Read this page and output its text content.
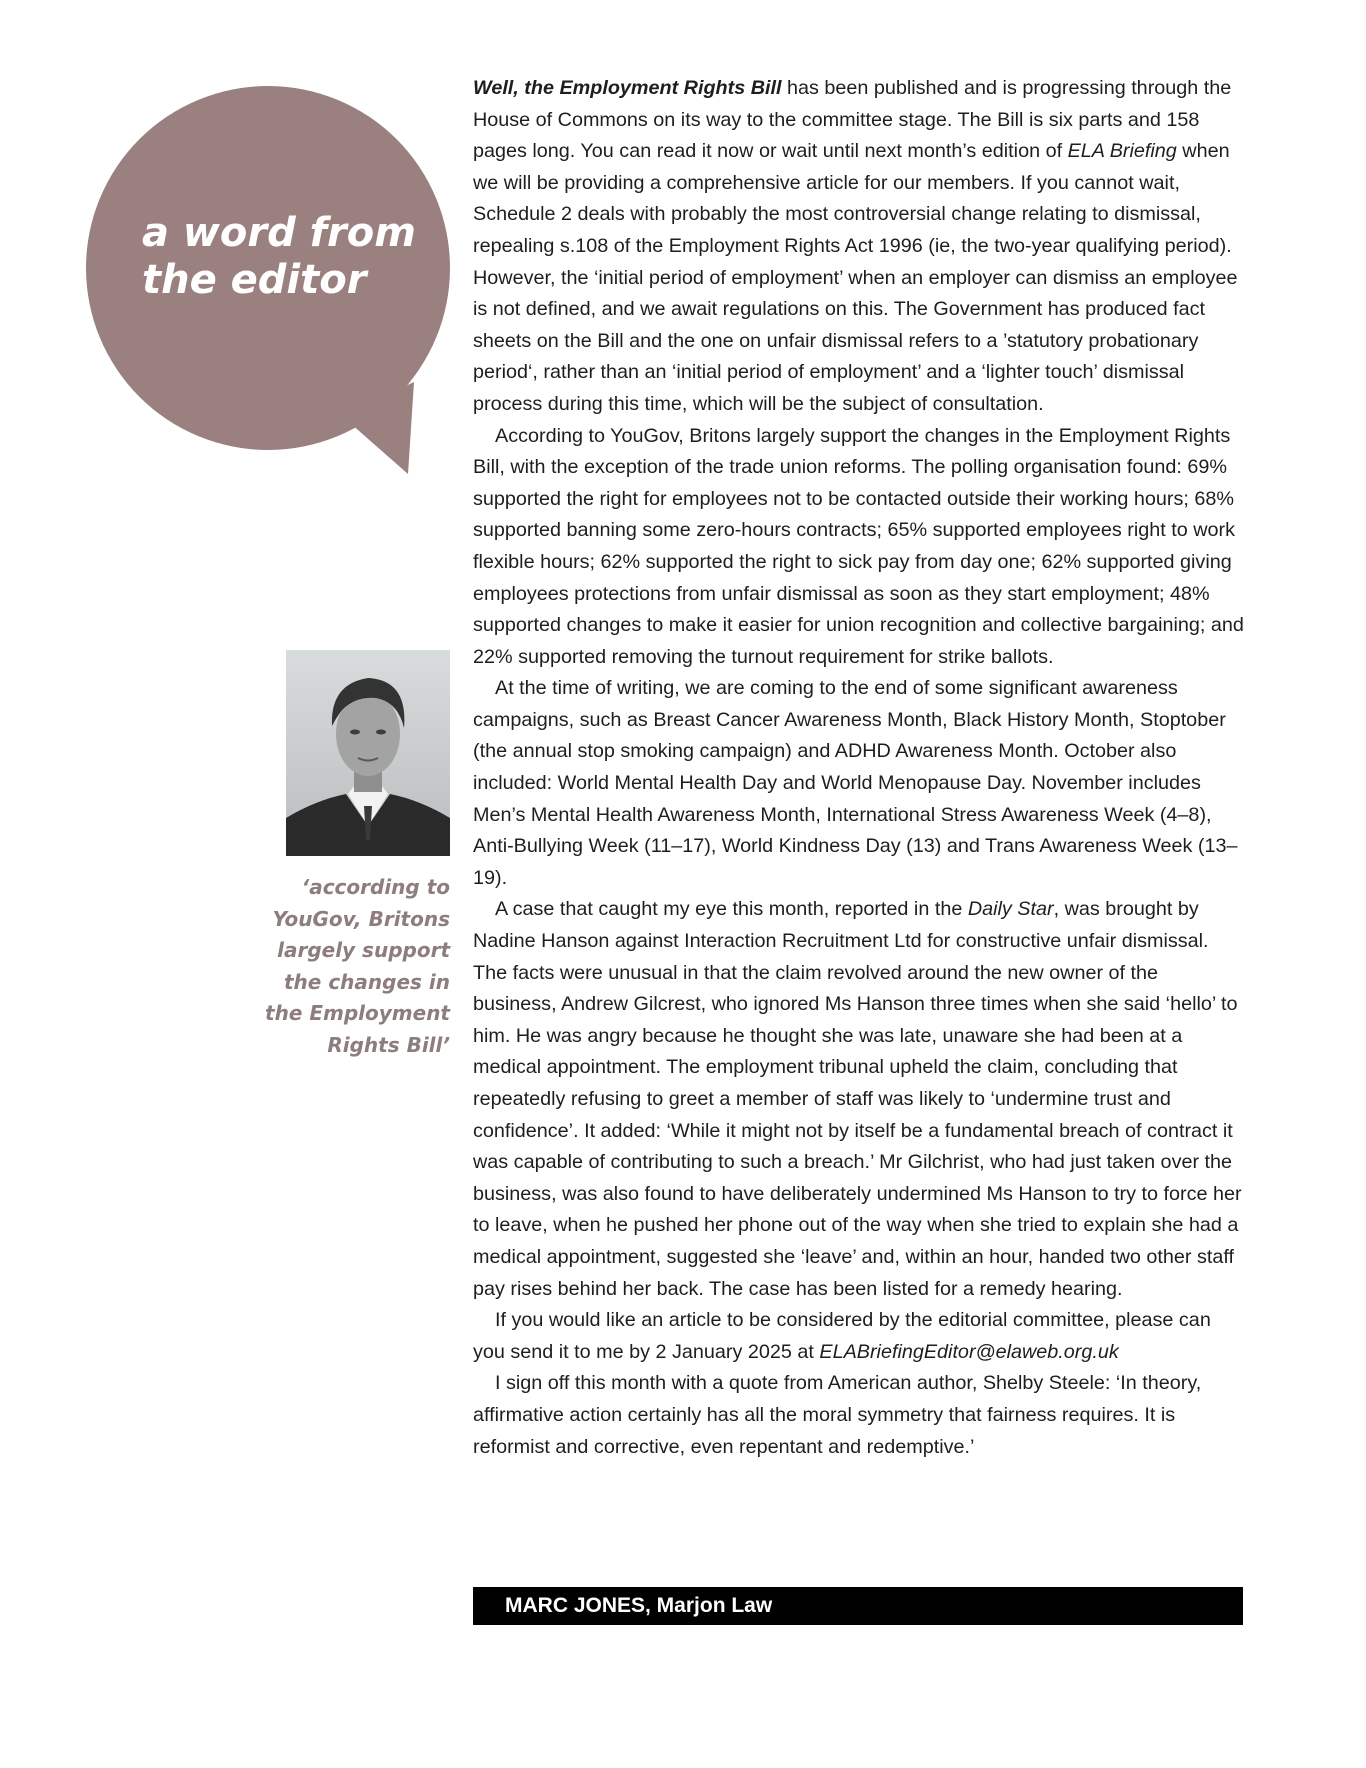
a word from
the editor
‘according to YouGov, Britons largely support the changes in the Employment Rights Bill’

Well, the Employment Rights Bill has been published and is progressing through the House of Commons on its way to the committee stage. The Bill is six parts and 158 pages long. You can read it now or wait until next month’s edition of ELA Briefing when we will be providing a comprehensive article for our members. If you cannot wait, Schedule 2 deals with probably the most controversial change relating to dismissal, repealing s.108 of the Employment Rights Act 1996 (ie, the two-year qualifying period). However, the ‘initial period of employment’ when an employer can dismiss an employee is not defined, and we await regulations on this. The Government has produced fact sheets on the Bill and the one on unfair dismissal refers to a ’statutory probationary period‘, rather than an ‘initial period of employment’ and a ‘lighter touch’ dismissal process during this time, which will be the subject of consultation.

According to YouGov, Britons largely support the changes in the Employment Rights Bill, with the exception of the trade union reforms. The polling organisation found: 69% supported the right for employees not to be contacted outside their working hours; 68% supported banning some zero-hours contracts; 65% supported employees right to work flexible hours; 62% supported the right to sick pay from day one; 62% supported giving employees protections from unfair dismissal as soon as they start employment; 48% supported changes to make it easier for union recognition and collective bargaining; and 22% supported removing the turnout requirement for strike ballots.

At the time of writing, we are coming to the end of some significant awareness campaigns, such as Breast Cancer Awareness Month, Black History Month, Stoptober (the annual stop smoking campaign) and ADHD Awareness Month. October also included: World Mental Health Day and World Menopause Day. November includes Men’s Mental Health Awareness Month, International Stress Awareness Week (4–8), Anti-Bullying Week (11–17), World Kindness Day (13) and Trans Awareness Week (13–19).

A case that caught my eye this month, reported in the Daily Star, was brought by Nadine Hanson against Interaction Recruitment Ltd for constructive unfair dismissal. The facts were unusual in that the claim revolved around the new owner of the business, Andrew Gilcrest, who ignored Ms Hanson three times when she said ‘hello’ to him. He was angry because he thought she was late, unaware she had been at a medical appointment. The employment tribunal upheld the claim, concluding that repeatedly refusing to greet a member of staff was likely to ‘undermine trust and confidence’. It added: ‘While it might not by itself be a fundamental breach of contract it was capable of contributing to such a breach.’ Mr Gilchrist, who had just taken over the business, was also found to have deliberately undermined Ms Hanson to try to force her to leave, when he pushed her phone out of the way when she tried to explain she had a medical appointment, suggested she ‘leave’ and, within an hour, handed two other staff pay rises behind her back. The case has been listed for a remedy hearing.

If you would like an article to be considered by the editorial committee, please can you send it to me by 2 January 2025 at ELABriefingEditor@elaweb.org.uk

I sign off this month with a quote from American author, Shelby Steele: ‘In theory, affirmative action certainly has all the moral symmetry that fairness requires. It is reformist and corrective, even repentant and redemptive.’

MARC JONES, Marjon Law
